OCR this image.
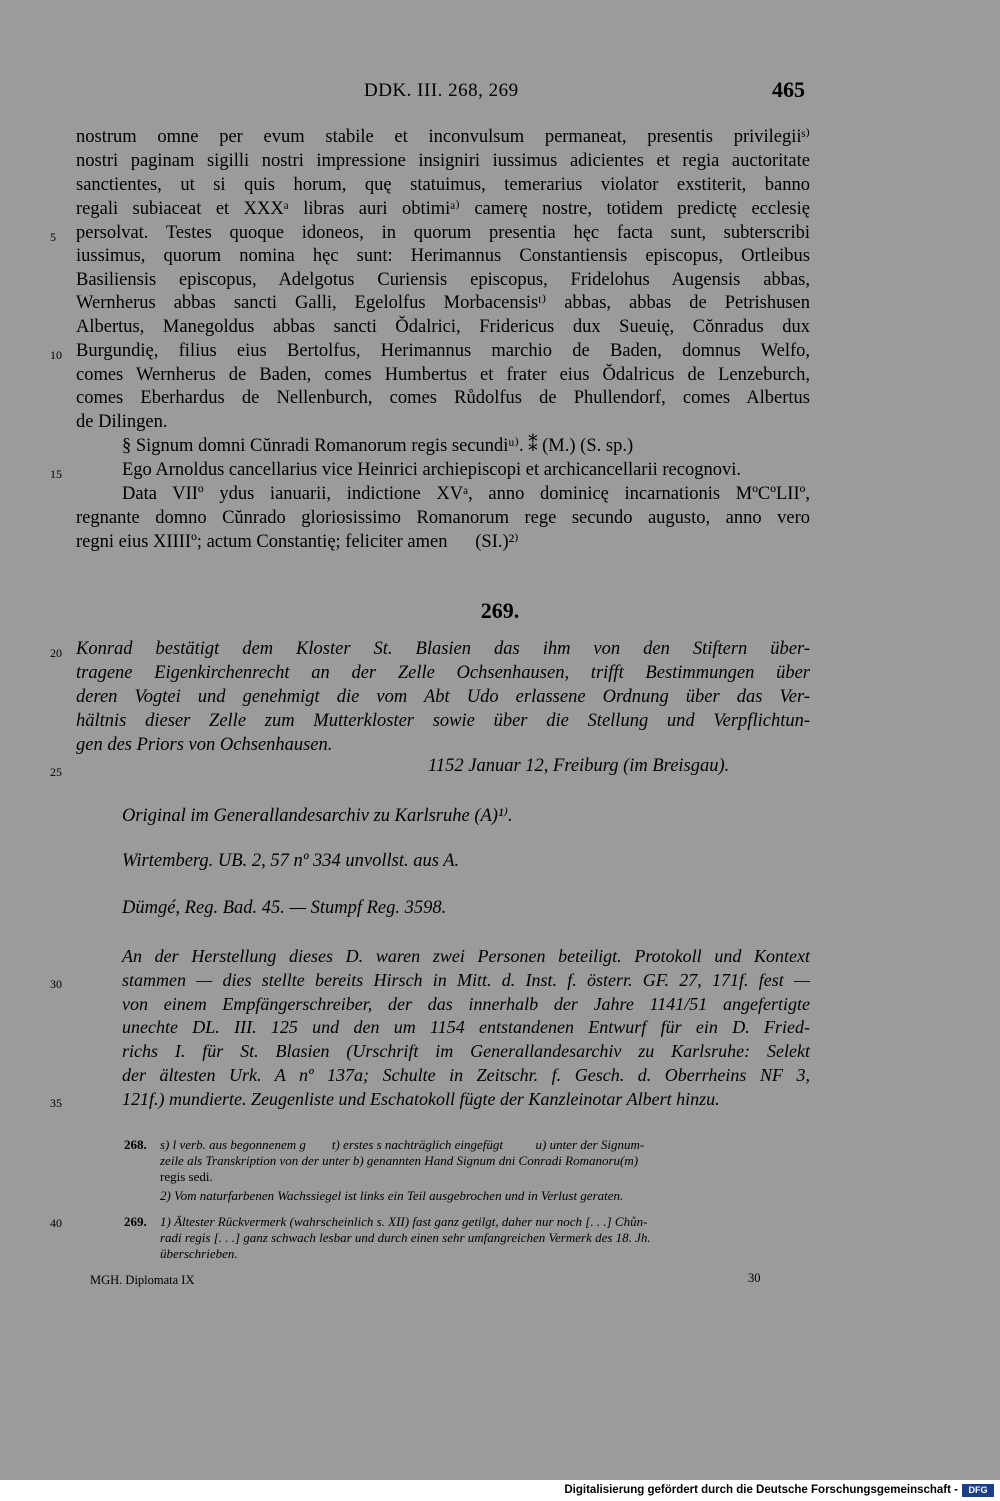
DDK. III. 268, 269	465
nostrum omne per evum stabile et inconvulsum permaneat, presentis privilegiiˢ⁾
nostri paginam sigilli nostri impressione insigniri iussimus adicientes et regia auctoritate
sanctientes, ut si quis horum, quę statuimus, temerarius violator exstiterit, banno
regali subiaceat et XXXᵃ libras auri obtimiᵃ⁾ camerę nostre, totidem predictę ecclesię
persolvat. Testes quoque idoneos, in quorum presentia hęc facta sunt, subterscribi
iussimus, quorum nomina hęc sunt: Herimannus Constantiensis episcopus, Ortleibus
Basiliensis episcopus, Adelgotus Curiensis episcopus, Fridelohus Augensis abbas,
Wernherus abbas sancti Galli, Egelolfus Morbacensisᵗ⁾ abbas, abbas de Petrishusen
Albertus, Manegoldus abbas sancti Ŏdalrici, Fridericus dux Sueuię, Cŏnradus dux
Burgundię, filius eius Bertolfus, Herimannus marchio de Baden, domnus Welfo,
comes Wernherus de Baden, comes Humbertus et frater eius Ŏdalricus de Lenzeburch,
comes Eberhardus de Nellenburch, comes Růdolfus de Phullendorf, comes Albertus
de Dilingen.
§ Signum domni Cŭnradi Romanorum regis secundiᵘ⁾. ⁑ (M.) (S. sp.)
Ego Arnoldus cancellarius vice Heinrici archiepiscopi et archicancellarii recognovi.
Data VIIº ydus ianuarii, indictione XVᵃ, anno dominicę incarnationis MºCºLIIº,
regnante domno Cŭnrado gloriosissimo Romanorum rege secundo augusto, anno vero
regni eius XIIIIº; actum Constantię; feliciter amen      (SI.)²⁾
5
10
15
20
25
30
35
40
269.
Konrad bestätigt dem Kloster St. Blasien das ihm von den Stiftern über-
tragene Eigenkirchenrecht an der Zelle Ochsenhausen, trifft Bestimmungen über
deren Vogtei und genehmigt die vom Abt Udo erlassene Ordnung über das Ver-
hältnis dieser Zelle zum Mutterkloster sowie über die Stellung und Verpflichtun-
gen des Priors von Ochsenhausen.
1152 Januar 12, Freiburg (im Breisgau).
Original im Generallandesarchiv zu Karlsruhe (A)¹⁾.
Wirtemberg. UB. 2, 57 nº 334 unvollst. aus A.
Dümgé, Reg. Bad. 45. — Stumpf Reg. 3598.
An der Herstellung dieses D. waren zwei Personen beteiligt. Protokoll und Kontext
stammen — dies stellte bereits Hirsch in Mitt. d. Inst. f. österr. GF. 27, 171f. fest —
von einem Empfängerschreiber, der das innerhalb der Jahre 1141/51 angefertigte
unechte DL. III. 125 und den um 1154 entstandenen Entwurf für ein D. Fried-
richs I. für St. Blasien (Urschrift im Generallandesarchiv zu Karlsruhe: Selekt
der ältesten Urk. A nº 137a; Schulte in Zeitschr. f. Gesch. d. Oberrheins NF 3,
121f.) mundierte. Zeugenliste und Eschatokoll fügte der Kanzleinotar Albert hinzu.
268. s) l verb. aus begonnenem g        t) erstes s nachträglich eingefügt          u) unter der Signum-
zeile als Transkription von der unter b) genannten Hand Signum dni Conradi Romanoru(m)
regis sedi.
2) Vom naturfarbenen Wachssiegel ist links ein Teil ausgebrochen und in Verlust geraten.
269. 1) Ältester Rückvermerk (wahrscheinlich s. XII) fast ganz getilgt, daher nur noch [. . .] Chůn-
radi regis [. . .] ganz schwach lesbar und durch einen sehr umfangreichen Vermerk des 18. Jh.
überschrieben.
MGH. Diplomata IX	30
Digitalisierung gefördert durch die Deutsche Forschungsgemeinschaft -	DFG
